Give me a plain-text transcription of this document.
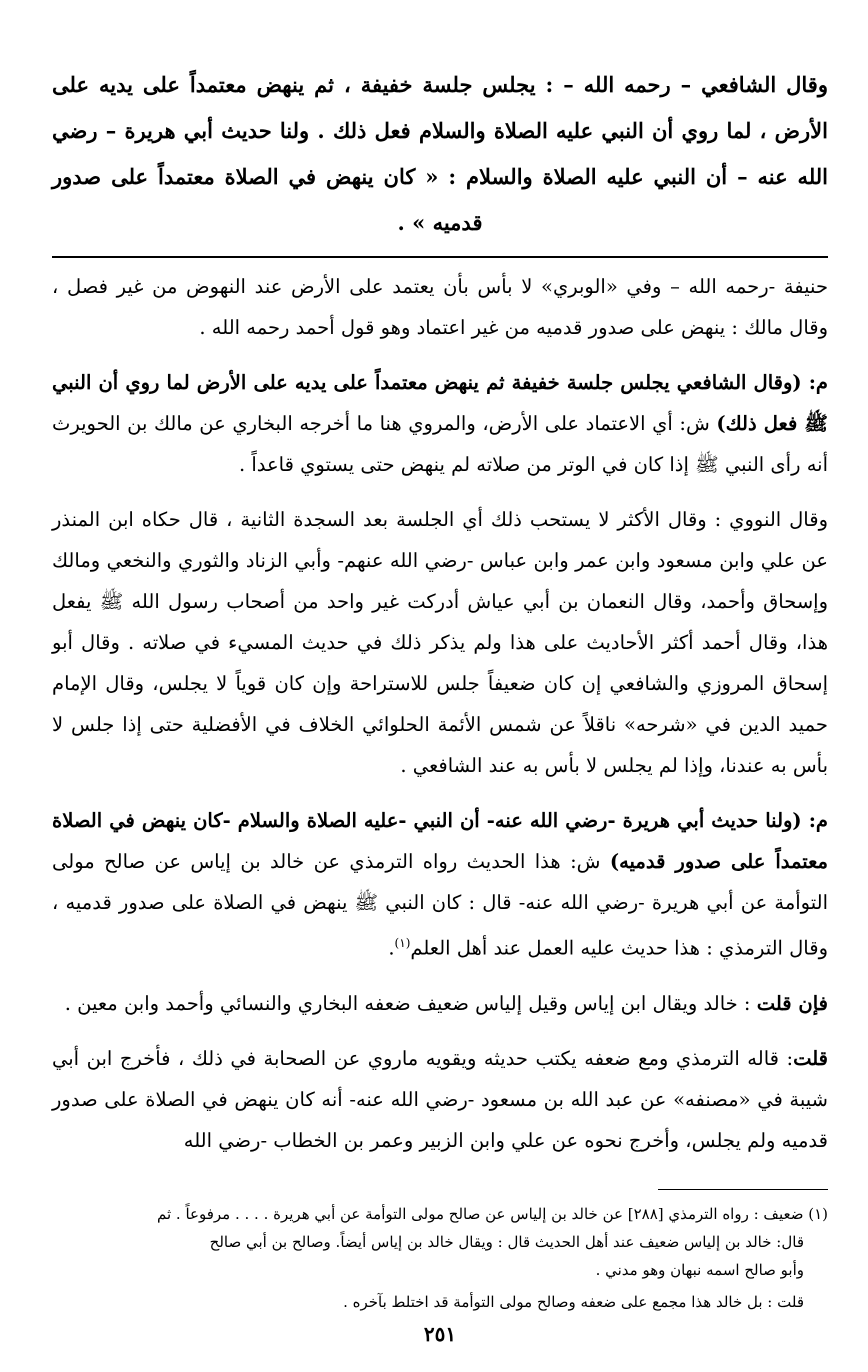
وقال الشافعي – رحمه الله – : يجلس جلسة خفيفة ، ثم ينهض معتمداً على يديه على الأرض ، لما روي أن النبي عليه الصلاة والسلام فعل ذلك . ولنا حديث أبي هريرة – رضي الله عنه – أن النبي عليه الصلاة والسلام : « كان ينهض في الصلاة معتمداً على صدور قدميه » .

حنيفة -رحمه الله – وفي «الوبري» لا بأس بأن يعتمد على الأرض عند النهوض من غير فصل ، وقال مالك : ينهض على صدور قدميه من غير اعتماد وهو قول أحمد رحمه الله .

م: (وقال الشافعي يجلس جلسة خفيفة ثم ينهض معتمداً على يديه على الأرض لما روي أن النبي ﷺ فعل ذلك) ش: أي الاعتماد على الأرض، والمروي هنا ما أخرجه البخاري عن مالك بن الحويرث أنه رأى النبي ﷺ إذا كان في الوتر من صلاته لم ينهض حتى يستوي قاعداً .

وقال النووي : وقال الأكثر لا يستحب ذلك أي الجلسة بعد السجدة الثانية ، قال حكاه ابن المنذر عن علي وابن مسعود وابن عمر وابن عباس -رضي الله عنهم- وأبي الزناد والثوري والنخعي ومالك وإسحاق وأحمد، وقال النعمان بن أبي عياش أدركت غير واحد من أصحاب رسول الله ﷺ يفعل هذا، وقال أحمد أكثر الأحاديث على هذا ولم يذكر ذلك في حديث المسيء في صلاته . وقال أبو إسحاق المروزي والشافعي إن كان ضعيفاً جلس للاستراحة وإن كان قوياً لا يجلس، وقال الإمام حميد الدين في «شرحه» ناقلاً عن شمس الأئمة الحلوائي الخلاف في الأفضلية حتى إذا جلس لا بأس به عندنا، وإذا لم يجلس لا بأس به عند الشافعي .

م: (ولنا حديث أبي هريرة -رضي الله عنه- أن النبي -عليه الصلاة والسلام -كان ينهض في الصلاة معتمداً على صدور قدميه) ش: هذا الحديث رواه الترمذي عن خالد بن إياس عن صالح مولى التوأمة عن أبي هريرة -رضي الله عنه- قال : كان النبي ﷺ ينهض في الصلاة على صدور قدميه ، وقال الترمذي : هذا حديث عليه العمل عند أهل العلم$^{(١)}$.

فإن قلت : خالد ويقال ابن إياس وقيل إلياس ضعيف ضعفه البخاري والنسائي وأحمد وابن معين .

قلت: قاله الترمذي ومع ضعفه يكتب حديثه ويقويه ماروي عن الصحابة في ذلك ، فأخرج ابن أبي شيبة في «مصنفه» عن عبد الله بن مسعود -رضي الله عنه- أنه كان ينهض في الصلاة على صدور قدميه ولم يجلس، وأخرج نحوه عن علي وابن الزبير وعمر بن الخطاب -رضي الله

(١) ضعيف : رواه الترمذي [٢٨٨] عن خالد بن إلياس عن صالح مولى التوأمة عن أبي هريرة . . . . مرفوعاً . ثم

قال: خالد بن إلياس ضعيف عند أهل الحديث قال : ويقال خالد بن إياس أيضاً. وصالح بن أبي صالح

وأبو صالح اسمه نبهان وهو مدني .

قلت : بل خالد هذا مجمع على ضعفه وصالح مولى التوأمة قد اختلط بآخره .

٢٥١
